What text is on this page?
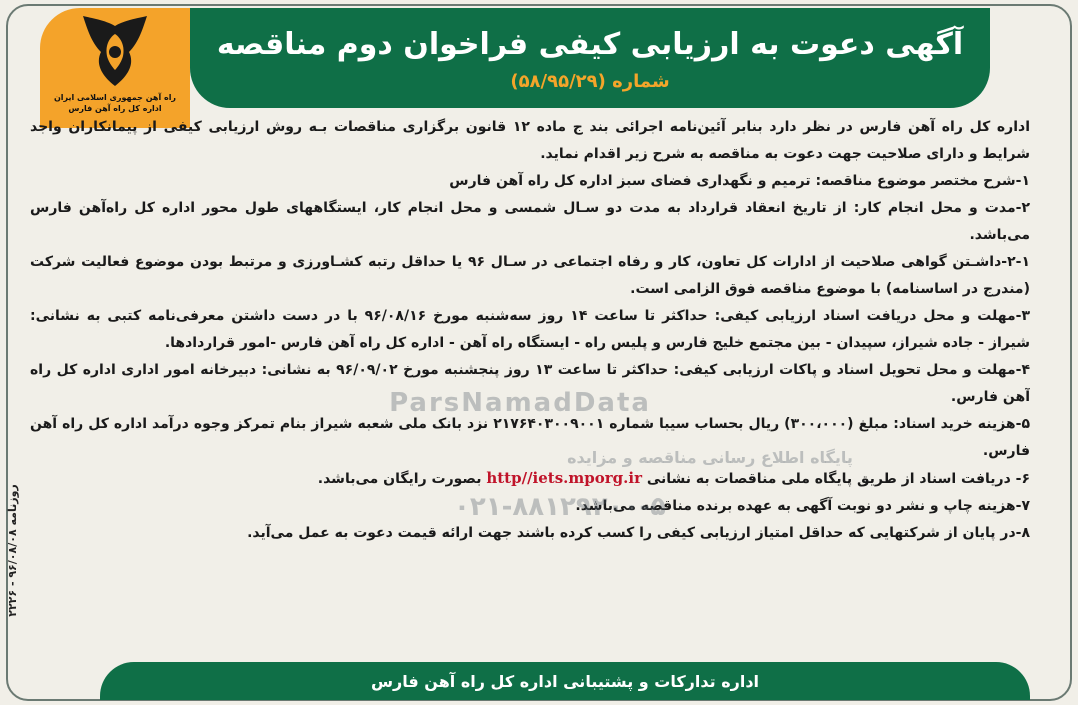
آگهی دعوت به ارزیابی کیفی فراخوان دوم مناقصه
شماره (۵۸/۹۵/۲۹)
راه آهن جمهوری اسلامی ایران
اداره کل راه آهن فارس

اداره کل راه آهن فارس در نظر دارد بنابر آئین‌نامه اجرائی بند ج ماده ۱۲ قانون برگزاری مناقصات بـه روش ارزیابی کیفی از پیمانکاران واجد شرایط و دارای صلاحیت جهت دعوت به مناقصه به شرح زیر اقدام نماید.

۱-شرح مختصر موضوع مناقصه: ترمیم و نگهداری فضای سبز اداره کل راه آهن فارس

۲-مدت و محل انجام کار: از تاریخ انعقاد قرارداد به مدت دو سـال شمسی و محل انجام کار، ایستگاههای طول محور اداره کل راه‌آهن فارس می‌باشد.

۲-۱-داشـتن گواهی صلاحیت از ادارات کل تعاون، کار و رفاه اجتماعی در سـال ۹۶ یا حداقل رتبه کشـاورزی و مرتبط بودن موضوع فعالیت شرکت (مندرج در اساسنامه) با موضوع مناقصه فوق الزامی است.

۳-مهلت و محل دریافت اسناد ارزیابی کیفی: حداکثر تا ساعت ۱۴ روز سه‌شنبه مورخ ۹۶/۰۸/۱۶ با در دست داشتن معرفی‌نامه کتبی به نشانی: شیراز - جاده شیراز، سپیدان - بین مجتمع خلیج فارس و پلیس راه - ایستگاه راه آهن - اداره کل راه آهن فارس -امور قراردادها.

۴-مهلت و محل تحویل اسناد و پاکات ارزیابی کیفی: حداکثر تا ساعت ۱۳ روز پنجشنبه مورخ ۹۶/۰۹/۰۲ به نشانی: دبیرخانه امور اداری اداره کل راه آهن فارس.

۵-هزینه خرید اسناد: مبلغ (۳۰۰،۰۰۰) ریال بحساب سیبا شماره ۲۱۷۶۴۰۳۰۰۹۰۰۱ نزد بانک ملی شعبه شیراز بنام تمرکز وجوه درآمد اداره کل راه آهن فارس.

۶- دریافت اسناد از طریق پایگاه ملی مناقصات به نشانی http//iets.mporg.ir بصورت رایگان می‌باشد.

۷-هزینه چاپ و نشر دو نوبت آگهی به عهده برنده مناقصه می‌باشد.

۸-در پایان از شرکتهایی که حداقل امتیاز ارزیابی کیفی را کسب کرده باشند جهت ارائه قیمت دعوت به عمل می‌آید.

ParsNamadData
پایگاه اطلاع رسانی مناقصه و مزایده
۰۲۱-۸۸۱۲۹۲۰۰-۵
روزنامه ۹۶/۰۸/۰۸ - ۲۲۲۶
اداره تدارکات و پشتیبانی اداره کل راه آهن فارس
